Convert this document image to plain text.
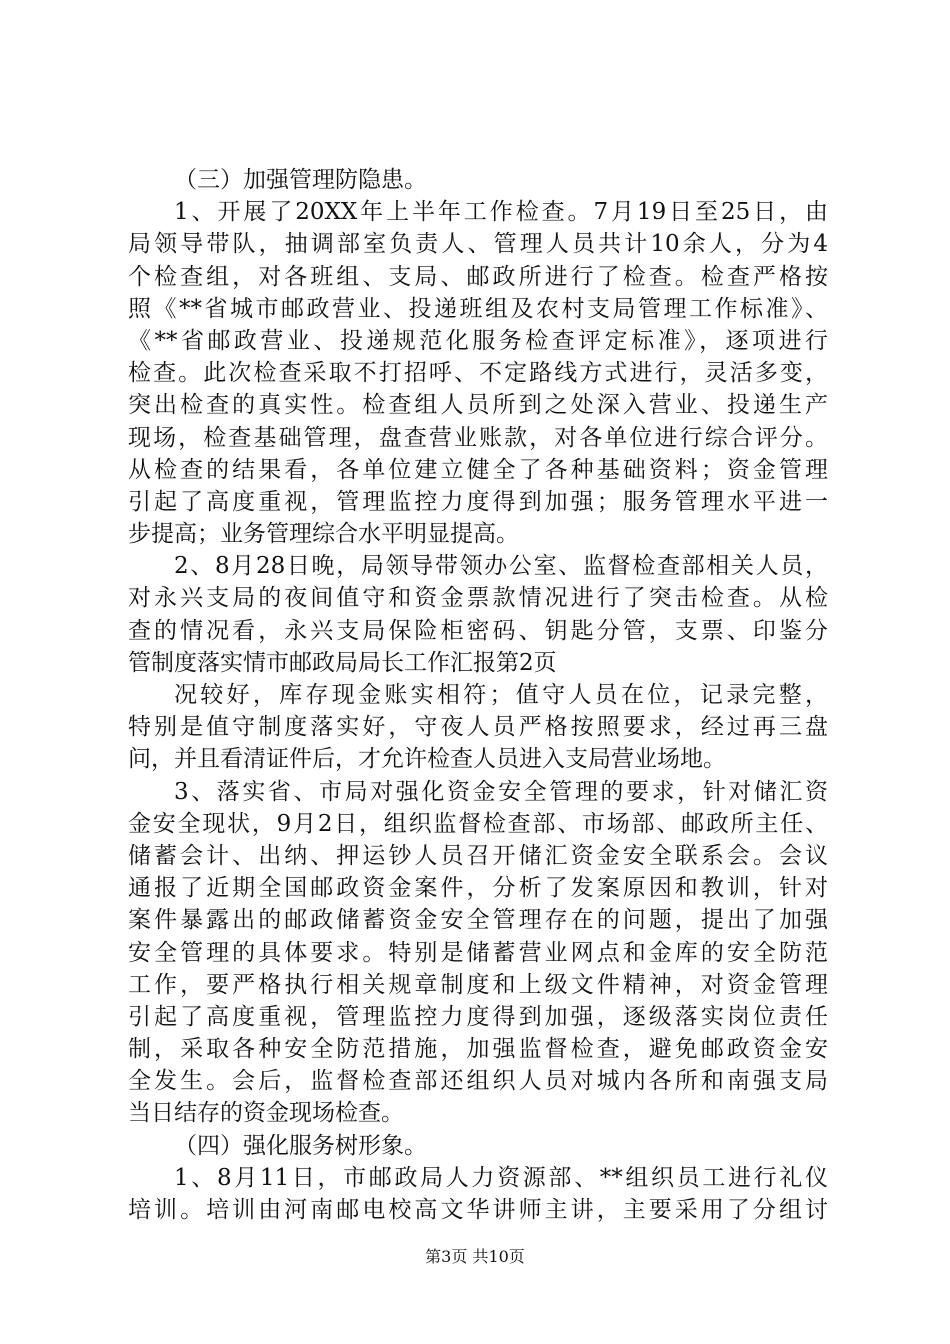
（三）加强管理防隐患。
1、开展了20XX年上半年工作检查。7月19日至25日，由
局领导带队，抽调部室负责人、管理人员共计10余人，分为4
个检查组，对各班组、支局、邮政所进行了检查。检查严格按
照《**省城市邮政营业、投递班组及农村支局管理工作标准》、
《**省邮政营业、投递规范化服务检查评定标准》，逐项进行
检查。此次检查采取不打招呼、不定路线方式进行，灵活多变，
突出检查的真实性。检查组人员所到之处深入营业、投递生产
现场，检查基础管理，盘查营业账款，对各单位进行综合评分。
从检查的结果看，各单位建立健全了各种基础资料；资金管理
引起了高度重视，管理监控力度得到加强；服务管理水平进一
步提高；业务管理综合水平明显提高。
2、8月28日晚，局领导带领办公室、监督检查部相关人员，
对永兴支局的夜间值守和资金票款情况进行了突击检查。从检
查的情况看，永兴支局保险柜密码、钥匙分管，支票、印鉴分
管制度落实情市邮政局局长工作汇报第2页
况较好，库存现金账实相符；值守人员在位，记录完整，
特别是值守制度落实好，守夜人员严格按照要求，经过再三盘
问，并且看清证件后，才允许检查人员进入支局营业场地。
3、落实省、市局对强化资金安全管理的要求，针对储汇资
金安全现状，9月2日，组织监督检查部、市场部、邮政所主任、
储蓄会计、出纳、押运钞人员召开储汇资金安全联系会。会议
通报了近期全国邮政资金案件，分析了发案原因和教训，针对
案件暴露出的邮政储蓄资金安全管理存在的问题，提出了加强
安全管理的具体要求。特别是储蓄营业网点和金库的安全防范
工作，要严格执行相关规章制度和上级文件精神，对资金管理
引起了高度重视，管理监控力度得到加强，逐级落实岗位责任
制，采取各种安全防范措施，加强监督检查，避免邮政资金安
全发生。会后，监督检查部还组织人员对城内各所和南强支局
当日结存的资金现场检查。
（四）强化服务树形象。
1、8月11日，市邮政局人力资源部、**组织员工进行礼仪
培训。培训由河南邮电校高文华讲师主讲，主要采用了分组讨
第3页 共10页
